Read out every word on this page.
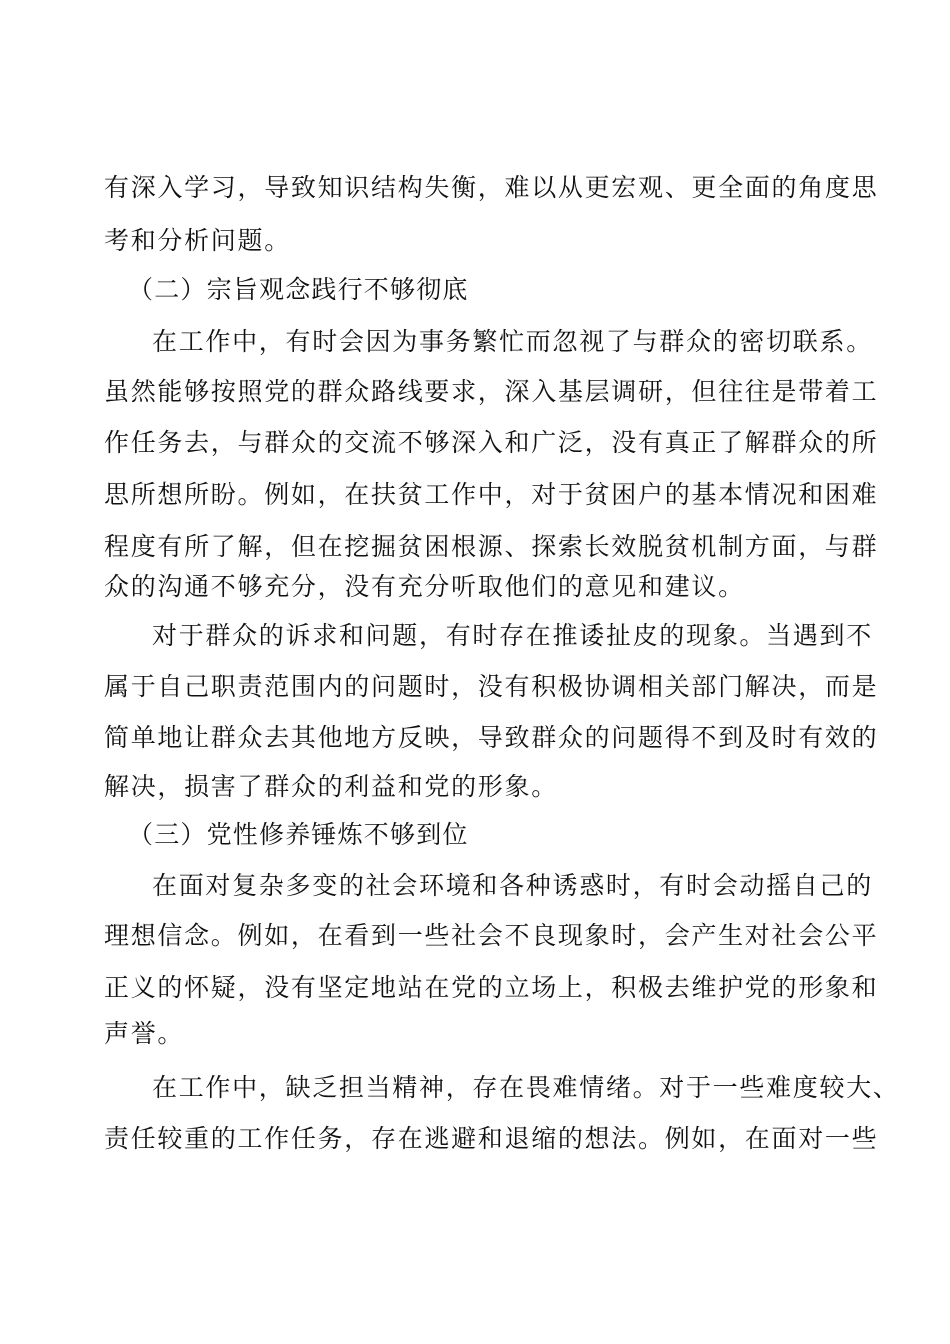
有深入学习，导致知识结构失衡，难以从更宏观、更全面的角度思
考和分析问题。
（二）宗旨观念践行不够彻底
在工作中，有时会因为事务繁忙而忽视了与群众的密切联系。
虽然能够按照党的群众路线要求，深入基层调研，但往往是带着工
作任务去，与群众的交流不够深入和广泛，没有真正了解群众的所
思所想所盼。例如，在扶贫工作中，对于贫困户的基本情况和困难
程度有所了解，但在挖掘贫困根源、探索长效脱贫机制方面，与群
众的沟通不够充分，没有充分听取他们的意见和建议。
对于群众的诉求和问题，有时存在推诿扯皮的现象。当遇到不
属于自己职责范围内的问题时，没有积极协调相关部门解决，而是
简单地让群众去其他地方反映，导致群众的问题得不到及时有效的
解决，损害了群众的利益和党的形象。
（三）党性修养锤炼不够到位
在面对复杂多变的社会环境和各种诱惑时，有时会动摇自己的
理想信念。例如，在看到一些社会不良现象时，会产生对社会公平
正义的怀疑，没有坚定地站在党的立场上，积极去维护党的形象和
声誉。
在工作中，缺乏担当精神，存在畏难情绪。对于一些难度较大、
责任较重的工作任务，存在逃避和退缩的想法。例如，在面对一些
